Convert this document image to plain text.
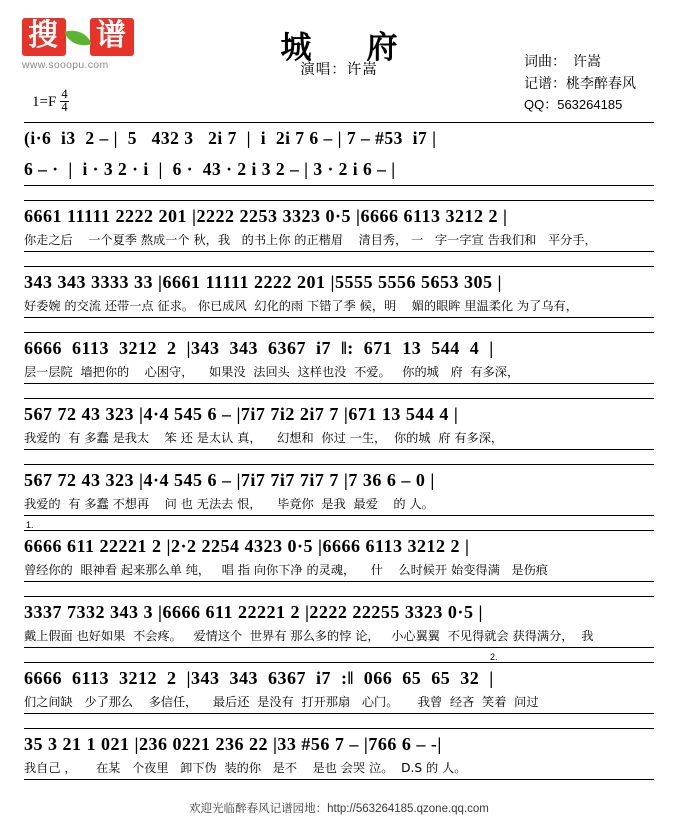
搜 谱
www.sooopu.com	城　府
演唱：许嵩	词曲：　许嵩
记谱：桃李醉春风
QQ：563264185
$1=F \frac{4}{4}$
(i·6  i3  2 – |  5   432 3   2i 7  |  i  2i 7 6 – | 7 – #53  i7 |
6 – ·  |  i · 3 2 · i  |  6 ·  43 · 2 i 3 2 – | 3 · 2 i 6 – |
6661 11111 2222 201 |2222 2253 3323 0·5 |6666 6113 3212 2 |
你走之后    一个夏季 熬成一个 秋，我   的书上你 的正楷眉    清目秀， 一   字一字宣 告我们和   平分手，
343 343 3333 33 |6661 11111 2222 201 |5555 5556 5653 305 |
好委婉 的交流 还带一点 征求。 你已成风  幻化的雨 下错了季 候，明    媚的眼眸 里温柔化 为了乌有，
6666  6113  3212  2  |343  343  6367  i7  ‖:  671  13  544  4  |
层一层院  墙把你的    心困守，    如果没  法回头  这样也没  不爱。   你的城   府  有多深，
567 72 43 323 |4·4 545 6 – |7i7 7i2 2i7 7 |671 13 544 4 |
我爱的  有 多蠢 是我太    笨 还 是太认 真，    幻想和  你过 一生，  你的城  府 有多深，
567 72 43 323 |4·4 545 6 – |7i7 7i7 7i7 7 |7 36 6 – 0 |
我爱的  有 多蠢 不想再    问 也 无法去 恨，    毕竟你  是我  最爱    的 人。
1.
6666 611 22221 2 |2·2 2254 4323 0·5 |6666 6113 3212 2 |
曾经你的  眼神看 起来那么单 纯，   唱 指 向你下净 的灵魂，    什    么时候开 始变得满   是伤痕
3337 7332 343 3 |6666 611 22221 2 |2222 22255 3323 0·5 |
戴上假面 也好如果  不会疼。   爱情这个  世界有 那么多的悖 论，   小心翼翼  不见得就会 获得满分，  我
2.
6666  6113  3212  2  |343  343  6367  i7  :‖  066  65  65  32  |
们之间缺   少了那么    多信任，    最后还  是没有  打开那扇   心门。     我曾  经吝  笑着  问过
35 3 21 1 021 |236 0221 236 22 |33 #56 7 – |766 6 – -|
我自己 ，     在某   个夜里   卸下伪  装的你   是不    是也 会哭 泣。  D.S 的 人。
欢迎光临醉春风记谱园地：http://563264185.qzone.qq.com
